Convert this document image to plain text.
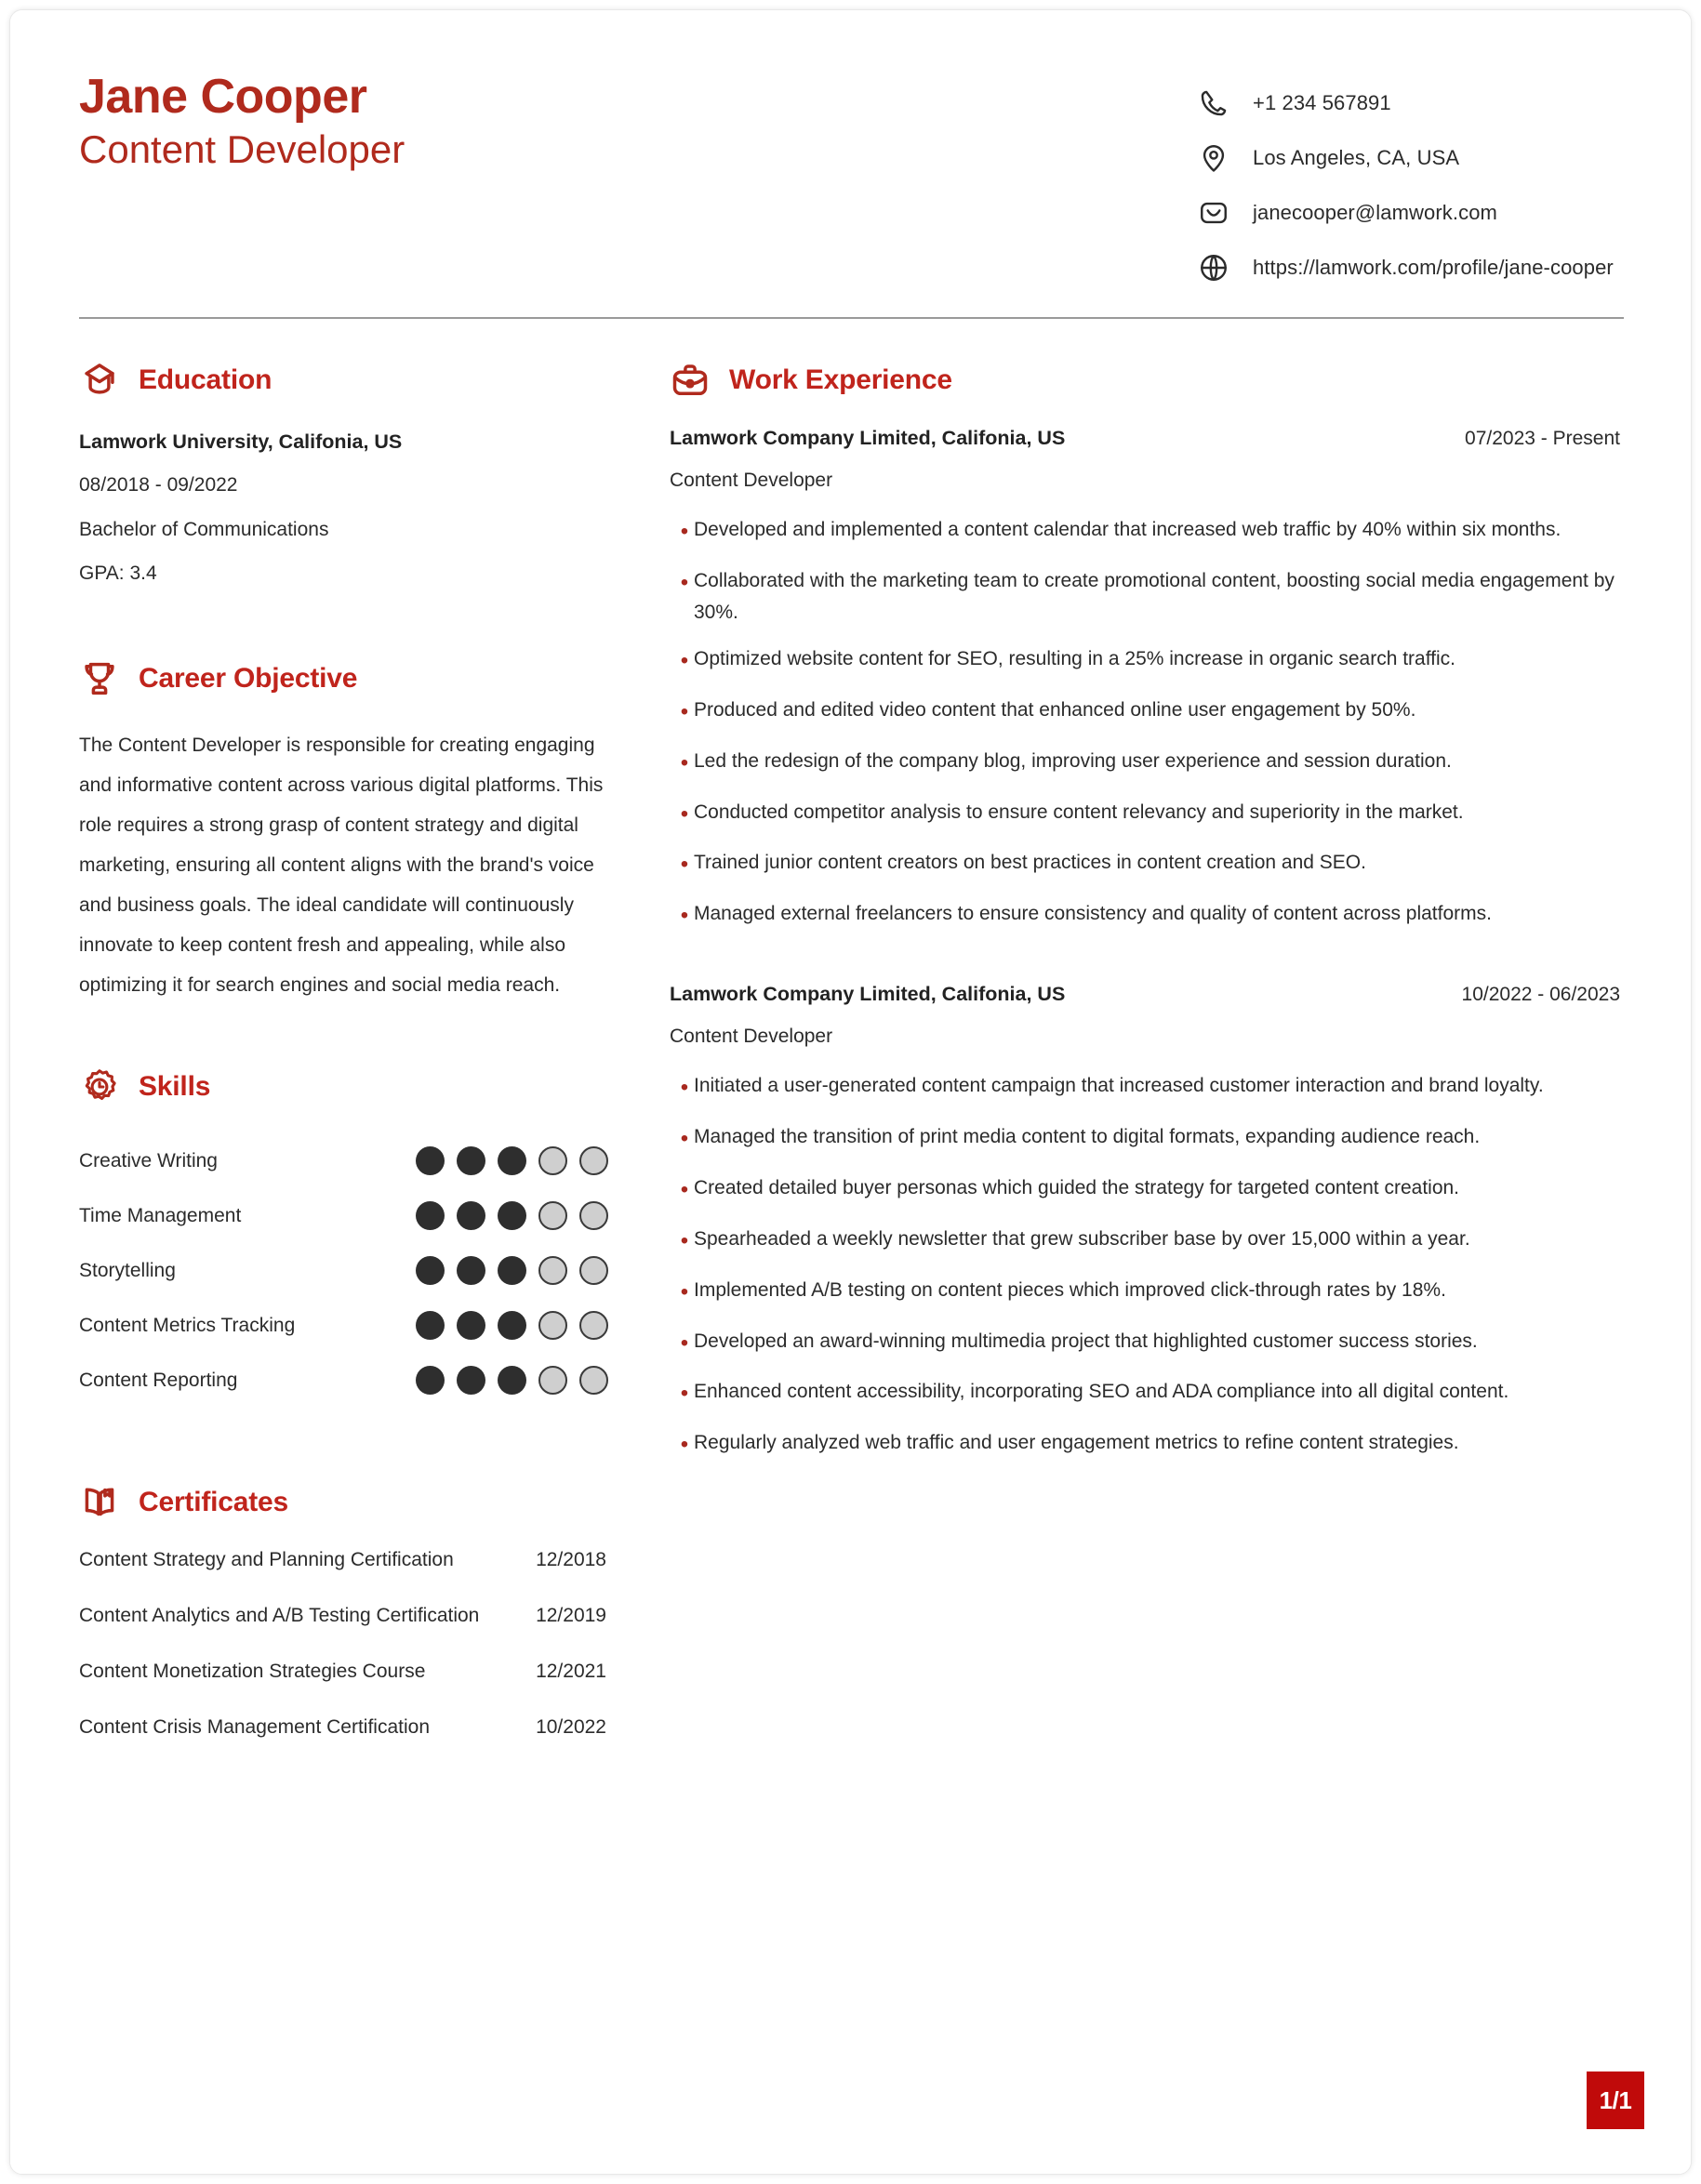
Jane Cooper
Content Developer
+1 234 567891
Los Angeles, CA, USA
janecooper@lamwork.com
https://lamwork.com/profile/jane-cooper
Education
Lamwork University, Califonia, US
08/2018 - 09/2022
Bachelor of Communications
GPA: 3.4
Career Objective
The Content Developer is responsible for creating engaging and informative content across various digital platforms. This role requires a strong grasp of content strategy and digital marketing, ensuring all content aligns with the brand's voice and business goals. The ideal candidate will continuously innovate to keep content fresh and appealing, while also optimizing it for search engines and social media reach.
Skills
Creative Writing
Time Management
Storytelling
Content Metrics Tracking
Content Reporting
Certificates
Content Strategy and Planning Certification	12/2018
Content Analytics and A/B Testing Certification	12/2019
Content Monetization Strategies Course	12/2021
Content Crisis Management Certification	10/2022
Work Experience
Lamwork Company Limited, Califonia, US	07/2023 - Present
Content Developer
• Developed and implemented a content calendar that increased web traffic by 40% within six months.
• Collaborated with the marketing team to create promotional content, boosting social media engagement by 30%.
• Optimized website content for SEO, resulting in a 25% increase in organic search traffic.
• Produced and edited video content that enhanced online user engagement by 50%.
• Led the redesign of the company blog, improving user experience and session duration.
• Conducted competitor analysis to ensure content relevancy and superiority in the market.
• Trained junior content creators on best practices in content creation and SEO.
• Managed external freelancers to ensure consistency and quality of content across platforms.
Lamwork Company Limited, Califonia, US	10/2022 - 06/2023
Content Developer
• Initiated a user-generated content campaign that increased customer interaction and brand loyalty.
• Managed the transition of print media content to digital formats, expanding audience reach.
• Created detailed buyer personas which guided the strategy for targeted content creation.
• Spearheaded a weekly newsletter that grew subscriber base by over 15,000 within a year.
• Implemented A/B testing on content pieces which improved click-through rates by 18%.
• Developed an award-winning multimedia project that highlighted customer success stories.
• Enhanced content accessibility, incorporating SEO and ADA compliance into all digital content.
• Regularly analyzed web traffic and user engagement metrics to refine content strategies.
1/1
